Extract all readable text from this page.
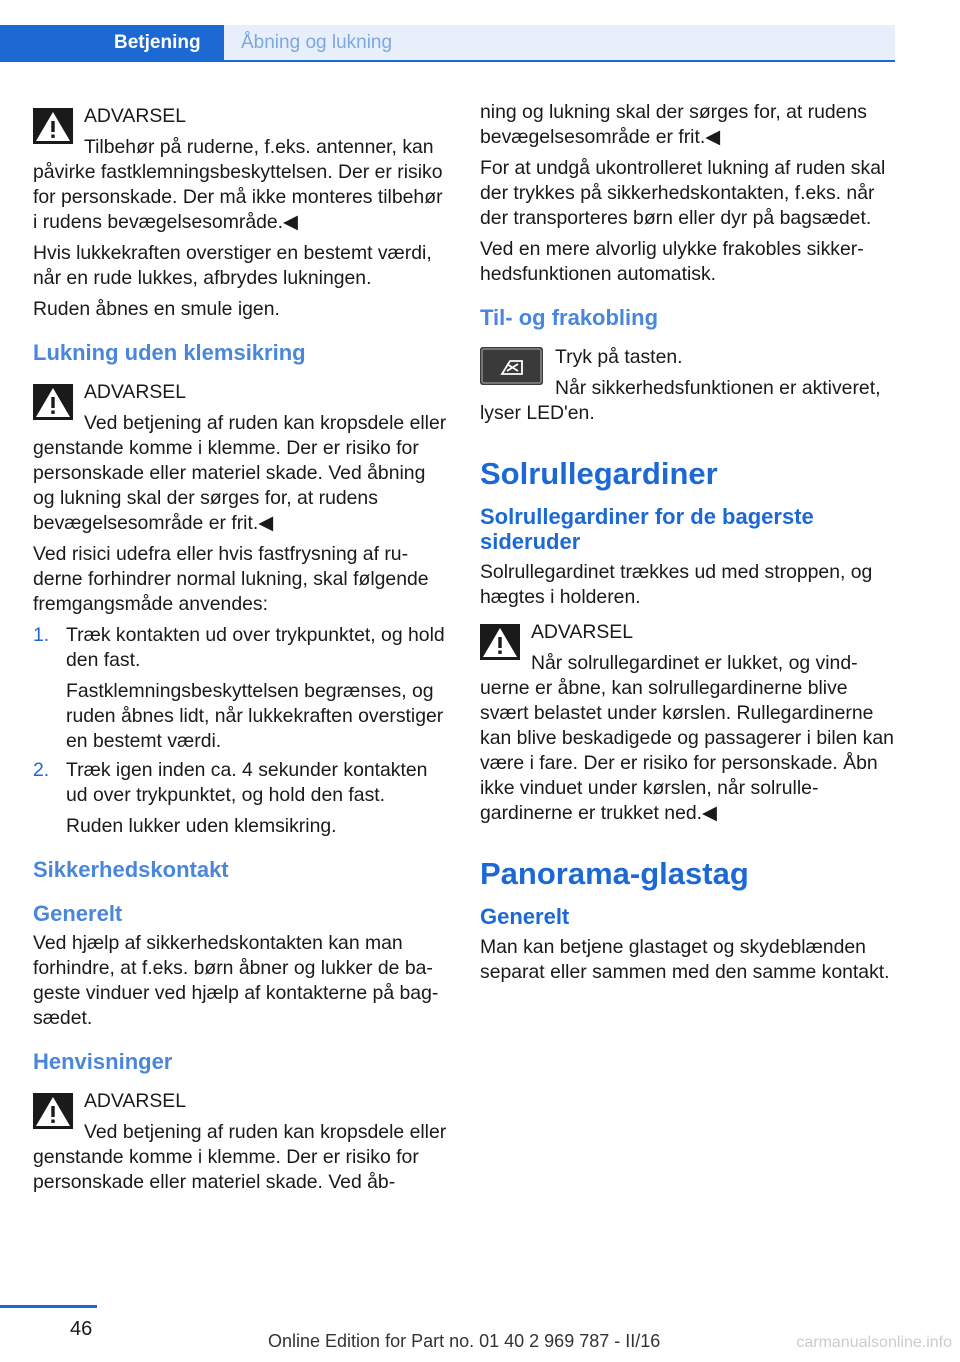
Betjening	Åbning og lukning

ADVARSEL

Tilbehør på ruderne, f.eks. antenner, kan påvirke fastklemningsbeskyttelsen. Der er risiko for personskade. Der må ikke monteres tilbehør i rudens bevægelsesområde.◀

Hvis lukkekraften overstiger en bestemt værdi, når en rude lukkes, afbrydes lukningen.

Ruden åbnes en smule igen.

Lukning uden klemsikring

ADVARSEL

Ved betjening af ruden kan kropsdele eller genstande komme i klemme. Der er risiko for personskade eller materiel skade. Ved åbning og lukning skal der sørges for, at rudens bevægelsesområde er frit.◀

Ved risici udefra eller hvis fastfrysning af ruderne forhindrer normal lukning, skal følgende fremgangsmåde anvendes:

1. Træk kontakten ud over trykpunktet, og hold den fast.

Fastklemningsbeskyttelsen begrænses, og ruden åbnes lidt, når lukkekraften overstiger en bestemt værdi.

2. Træk igen inden ca. 4 sekunder kontakten ud over trykpunktet, og hold den fast.

Ruden lukker uden klemsikring.

Sikkerhedskontakt
Generelt

Ved hjælp af sikkerhedskontakten kan man forhindre, at f.eks. børn åbner og lukker de bageste vinduer ved hjælp af kontakterne på bagsædet.

Henvisninger

ADVARSEL

Ved betjening af ruden kan kropsdele eller genstande komme i klemme. Der er risiko for personskade eller materiel skade. Ved åb-

ning og lukning skal der sørges for, at rudens bevægelsesområde er frit.◀

For at undgå ukontrolleret lukning af ruden skal der trykkes på sikkerhedskontakten, f.eks. når der transporteres børn eller dyr på bagsædet.

Ved en mere alvorlig ulykke frakobles sikkerhedsfunktionen automatisk.

Til- og frakobling

Tryk på tasten.

Når sikkerhedsfunktionen er aktiveret, lyser LED'en.

Solrullegardiner
Solrullegardiner for de bagerste sideruder

Solrullegardinet trækkes ud med stroppen, og hægtes i holderen.

ADVARSEL

Når solrullegardinet er lukket, og vinduerne er åbne, kan solrullegardinerne blive svært belastet under kørslen. Rullegardinerne kan blive beskadigede og passagerer i bilen kan være i fare. Der er risiko for personskade. Åbn ikke vinduet under kørslen, når solrullegardinerne er trukket ned.◀

Panorama-glastag
Generelt

Man kan betjene glastaget og skydeblænden separat eller sammen med den samme kontakt.

46
Online Edition for Part no. 01 40 2 969 787 - II/16	carmanualsonline.info
